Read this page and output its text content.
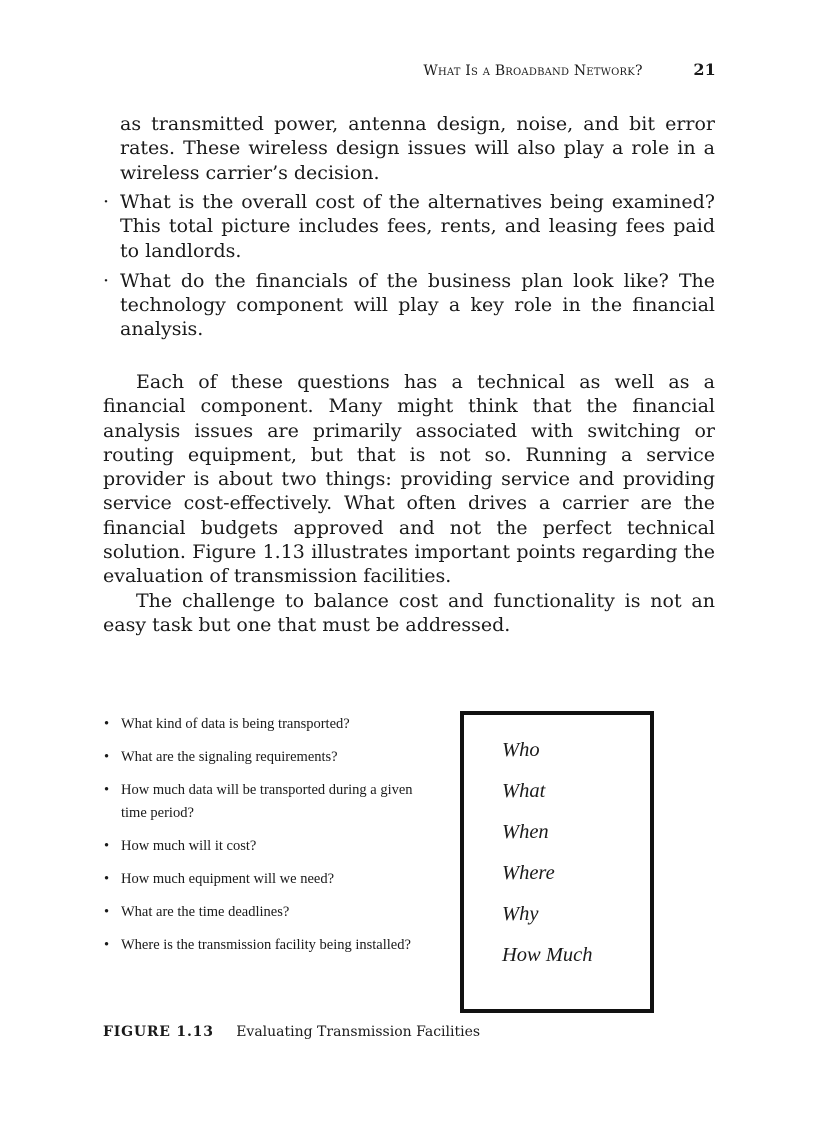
What Is a Broadband Network?	21
as transmitted power, antenna design, noise, and bit error rates. These wireless design issues will also play a role in a wireless carrier’s decision.
· What is the overall cost of the alternatives being examined? This total picture includes fees, rents, and leasing fees paid to landlords.
· What do the financials of the business plan look like? The technology component will play a key role in the financial analysis.

Each of these questions has a technical as well as a financial component. Many might think that the financial analysis issues are primarily associated with switching or routing equipment, but that is not so. Running a service provider is about two things: providing service and providing service cost-effectively. What often drives a carrier are the financial budgets approved and not the perfect technical solution. Figure 1.13 illustrates important points regarding the evaluation of transmission facilities.

The challenge to balance cost and functionality is not an easy task but one that must be addressed.

• What kind of data is being transported?
• What are the signaling requirements?
• How much data will be transported during a given time period?
• How much will it cost?
• How much equipment will we need?
• What are the time deadlines?
• Where is the transmission facility being installed?
Who
What
When
Where
Why
How Much
FIGURE 1.13 Evaluating Transmission Facilities
